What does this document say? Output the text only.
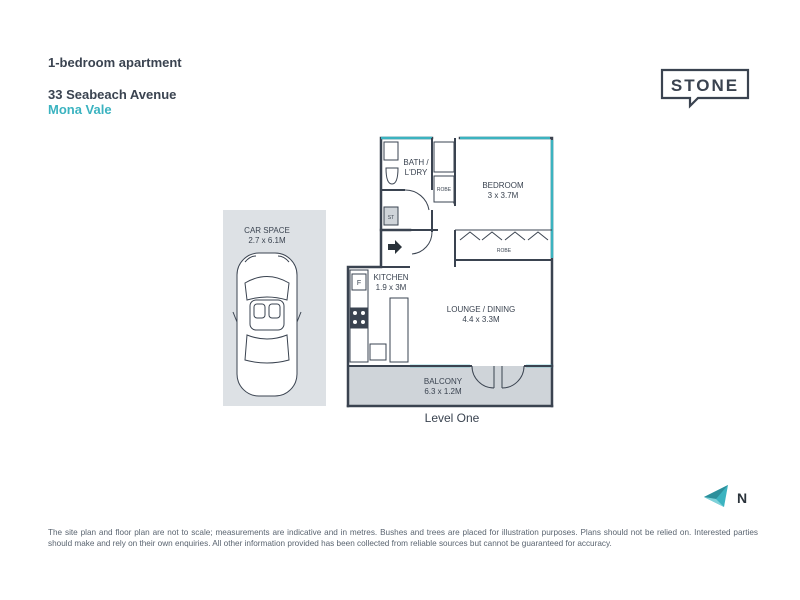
1-bedroom apartment
33 Seabeach Avenue
Mona Vale
STONE
CAR SPACE
2.7 x 6.1M
ST
BATH /
L'DRY
ROBE
ROBE
BEDROOM
3 x 3.7M
F
KITCHEN
1.9 x 3M
LOUNGE / DINING
4.4 x 3.3M
BALCONY
6.3 x 1.2M
Level One
N
The site plan and floor plan are not to scale; measurements are indicative and in metres. Bushes and trees are placed for illustration purposes. Plans should not be relied on. Interested parties should make and rely on their own enquiries. All other information provided has been collected from reliable sources but cannot be guaranteed for accuracy.
